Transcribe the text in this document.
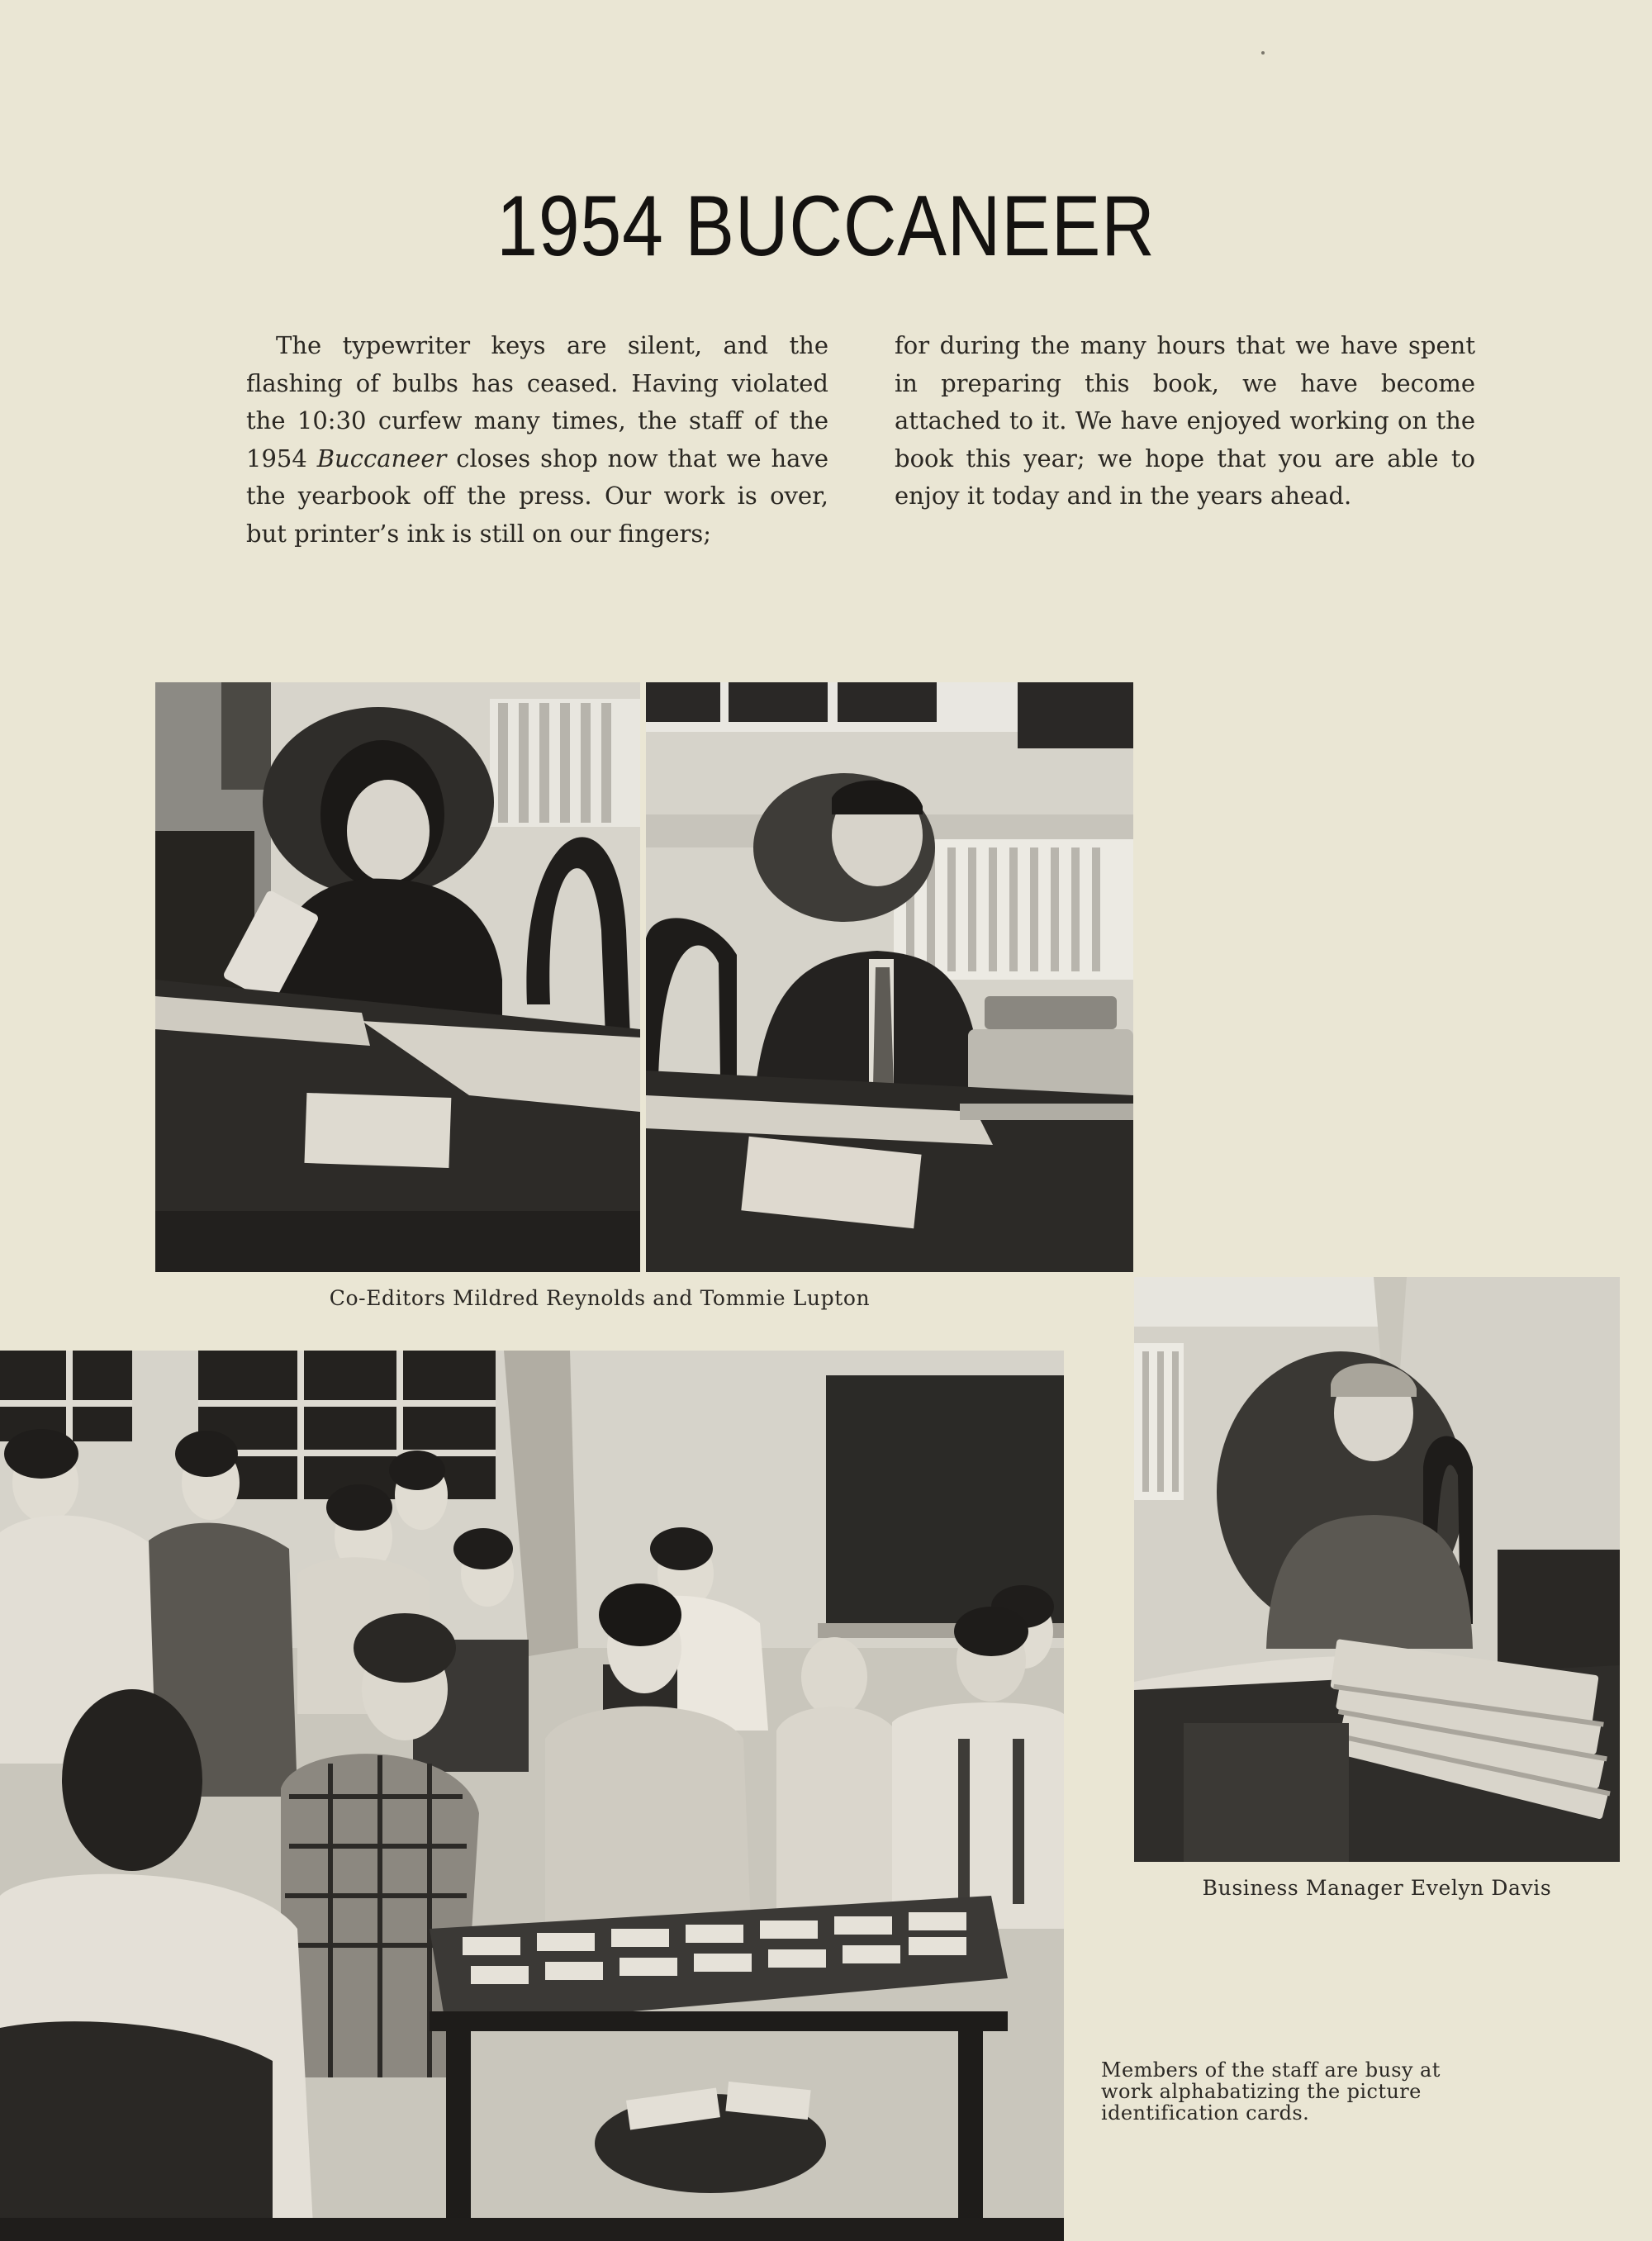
1954 BUCCANEER

The typewriter keys are silent, and the flashing of bulbs has ceased. Having violated the 10:30 curfew many times, the staff of the 1954 Buccaneer closes shop now that we have the yearbook off the press. Our work is over, but printer’s ink is still on our fingers;

for during the many hours that we have spent in preparing this book, we have become attached to it. We have enjoyed working on the book this year; we hope that you are able to enjoy it today and in the years ahead.

Co-Editors Mildred Reynolds and Tommie Lupton
Business Manager Evelyn Davis
Members of the staff are busy at work alphabatizing the picture identification cards.
